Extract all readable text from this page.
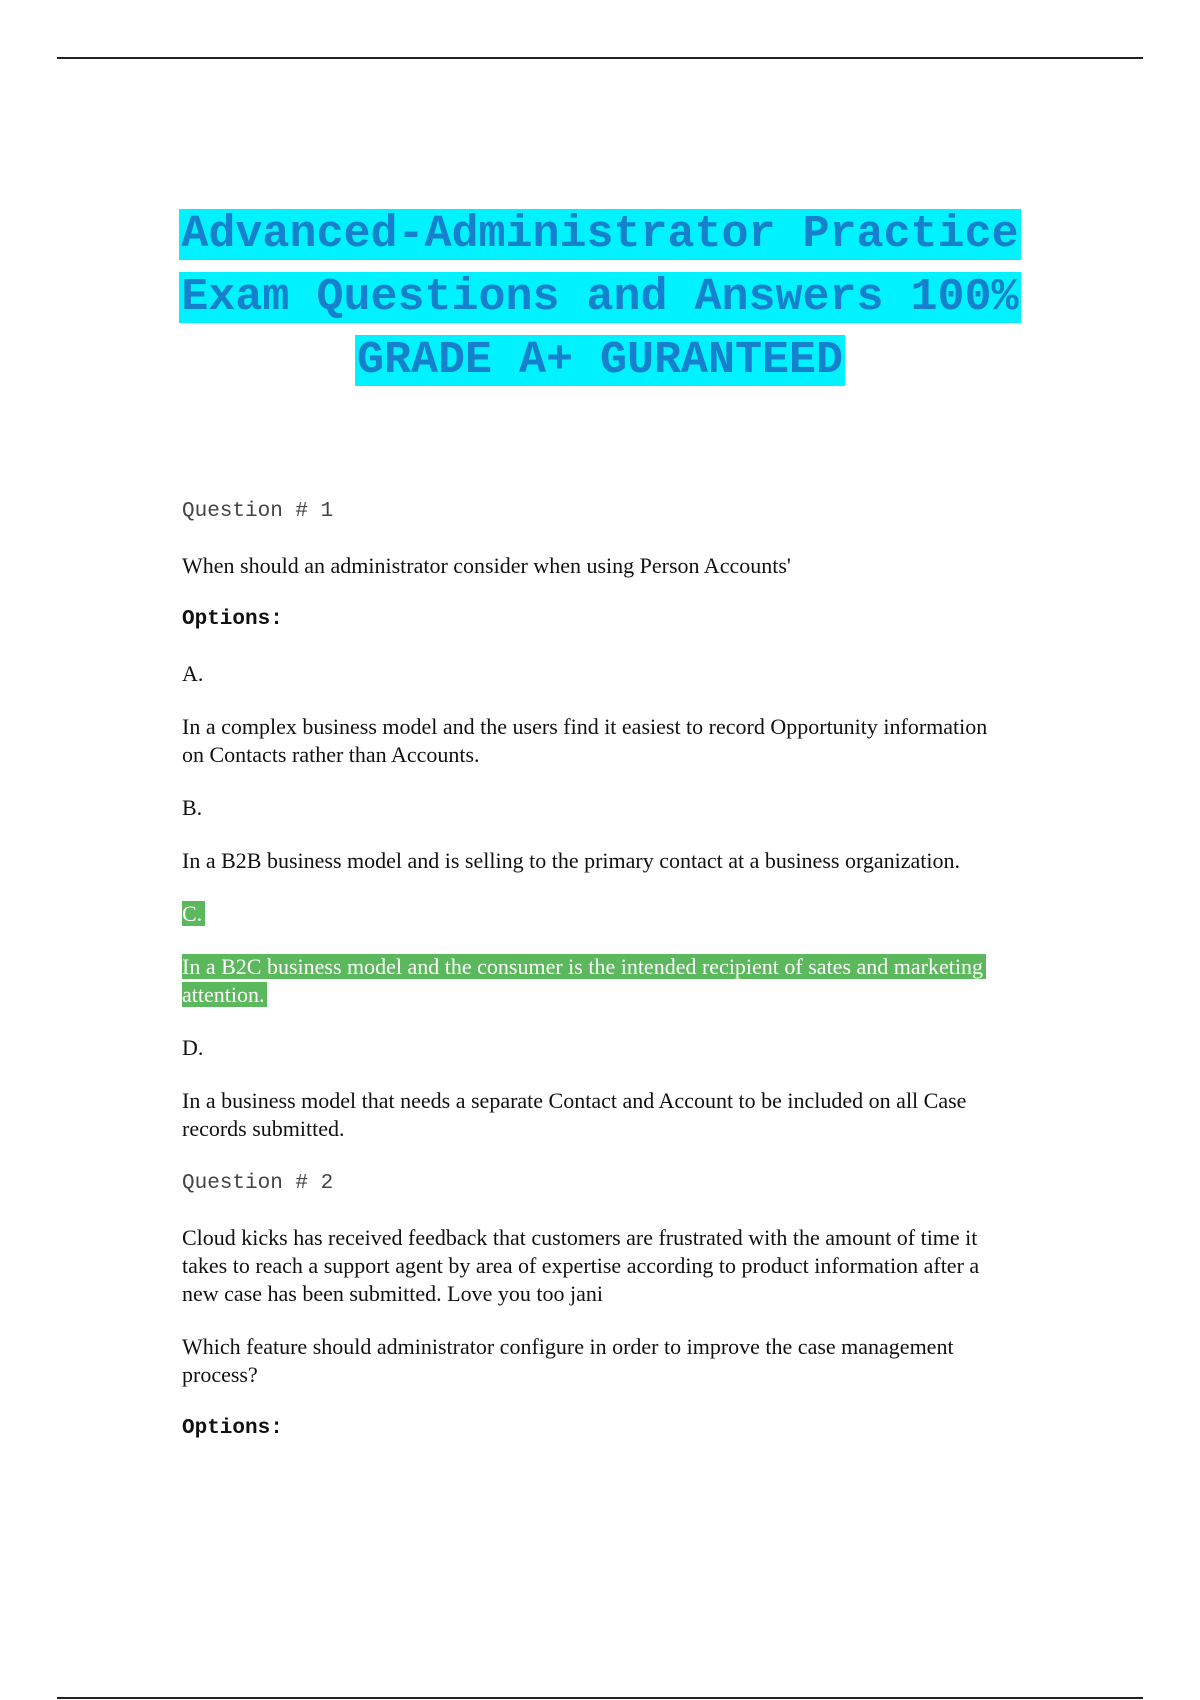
Advanced-Administrator Practice
Exam Questions and Answers 100%
GRADE A+ GURANTEED

Question # 1

When should an administrator consider when using Person Accounts'

Options:

A.

In a complex business model and the users find it easiest to record Opportunity information on Contacts rather than Accounts.

B.

In a B2B business model and is selling to the primary contact at a business organization.

C.

In a B2C business model and the consumer is the intended recipient of sates and marketing attention.

D.

In a business model that needs a separate Contact and Account to be included on all Case records submitted.

Question # 2

Cloud kicks has received feedback that customers are frustrated with the amount of time it takes to reach a support agent by area of expertise according to product information after a new case has been submitted. Love you too jani

Which feature should administrator configure in order to improve the case management process?

Options:
